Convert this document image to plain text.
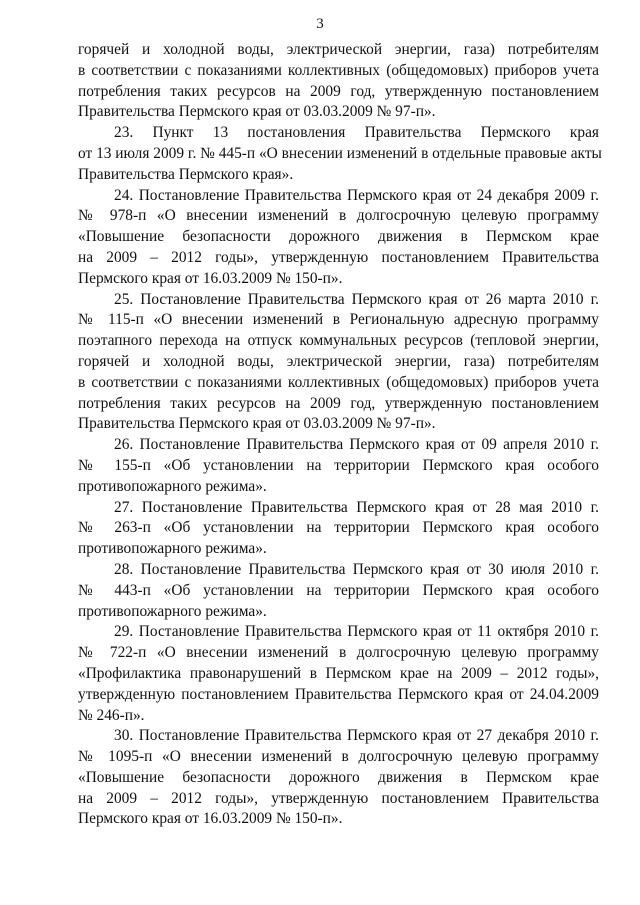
3
горячей и холодной воды, электрической энергии, газа) потребителям
в соответствии с показаниями коллективных (общедомовых) приборов учета
потребления таких ресурсов на 2009 год, утвержденную постановлением
Правительства Пермского края от 03.03.2009 № 97-п».
23. Пункт 13 постановления Правительства Пермского края
от 13 июля 2009 г. № 445-п «О внесении изменений в отдельные правовые акты
Правительства Пермского края».
24. Постановление Правительства Пермского края от 24 декабря 2009 г.
№ 978-п «О внесении изменений в долгосрочную целевую программу
«Повышение безопасности дорожного движения в Пермском крае
на 2009 – 2012 годы», утвержденную постановлением Правительства
Пермского края от 16.03.2009 № 150-п».
25. Постановление Правительства Пермского края от 26 марта 2010 г.
№ 115-п «О внесении изменений в Региональную адресную программу
поэтапного перехода на отпуск коммунальных ресурсов (тепловой энергии,
горячей и холодной воды, электрической энергии, газа) потребителям
в соответствии с показаниями коллективных (общедомовых) приборов учета
потребления таких ресурсов на 2009 год, утвержденную постановлением
Правительства Пермского края от 03.03.2009 № 97-п».
26. Постановление Правительства Пермского края от 09 апреля 2010 г.
№ 155-п «Об установлении на территории Пермского края особого
противопожарного режима».
27. Постановление Правительства Пермского края от 28 мая 2010 г.
№ 263-п «Об установлении на территории Пермского края особого
противопожарного режима».
28. Постановление Правительства Пермского края от 30 июля 2010 г.
№ 443-п «Об установлении на территории Пермского края особого
противопожарного режима».
29. Постановление Правительства Пермского края от 11 октября 2010 г.
№ 722-п «О внесении изменений в долгосрочную целевую программу
«Профилактика правонарушений в Пермском крае на 2009 – 2012 годы»,
утвержденную постановлением Правительства Пермского края от 24.04.2009
№ 246-п».
30. Постановление Правительства Пермского края от 27 декабря 2010 г.
№ 1095-п «О внесении изменений в долгосрочную целевую программу
«Повышение безопасности дорожного движения в Пермском крае
на 2009 – 2012 годы», утвержденную постановлением Правительства
Пермского края от 16.03.2009 № 150-п».
